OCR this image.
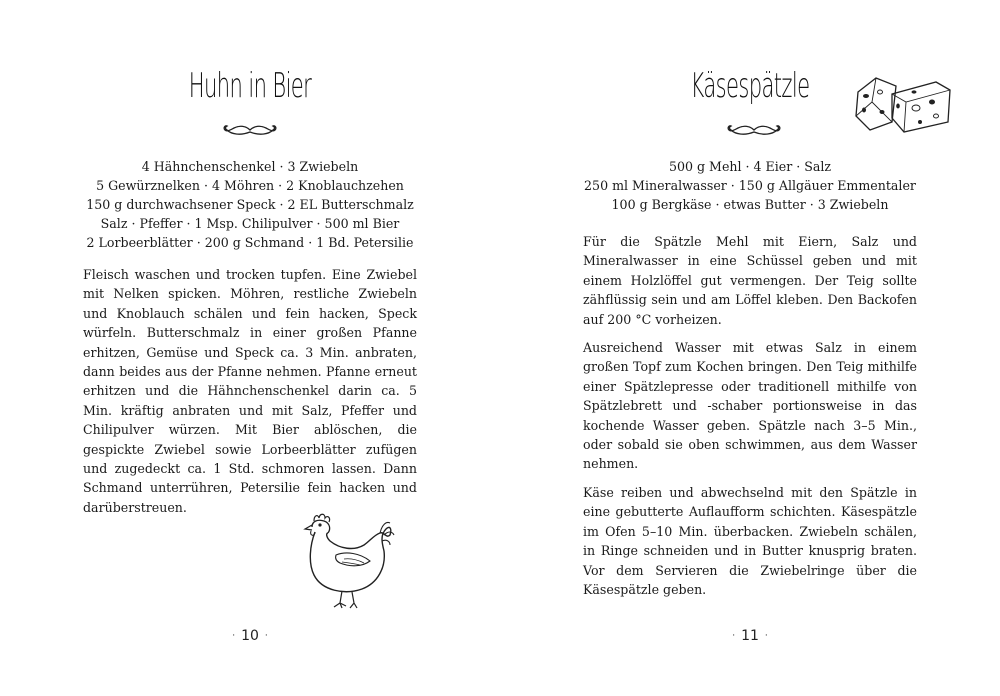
Huhn in Bier
4 Hähnchenschenkel · 3 Zwiebeln
5 Gewürznelken · 4 Möhren · 2 Knoblauchzehen
150 g durchwachsener Speck · 2 EL Butterschmalz
Salz · Pfeffer · 1 Msp. Chilipulver · 500 ml Bier
2 Lorbeerblätter · 200 g Schmand · 1 Bd. Petersilie

Fleisch waschen und trocken tupfen. Eine Zwiebel mit Nelken spicken. Möhren, restliche Zwiebeln und Knoblauch schälen und fein hacken, Speck würfeln. Butterschmalz in einer großen Pfanne erhitzen, Gemüse und Speck ca. 3 Min. anbraten, dann beides aus der Pfanne nehmen. Pfanne erneut erhitzen und die Hähnchenschenkel darin ca. 5 Min. kräftig anbraten und mit Salz, Pfeffer und Chilipulver würzen. Mit Bier ablöschen, die gespickte Zwiebel sowie Lorbeerblätter zufügen und zugedeckt ca. 1 Std. schmoren lassen. Dann Schmand unterrühren, Petersilie fein hacken und darüberstreuen.

· 10 ·
Käsespätzle
500 g Mehl · 4 Eier · Salz
250 ml Mineralwasser · 150 g Allgäuer Emmentaler
100 g Bergkäse · etwas Butter · 3 Zwiebeln

Für die Spätzle Mehl mit Eiern, Salz und Mineralwasser in eine Schüssel geben und mit einem Holzlöffel gut vermengen. Der Teig sollte zähflüssig sein und am Löffel kleben. Den Backofen auf 200 °C vorheizen.

Ausreichend Wasser mit etwas Salz in einem großen Topf zum Kochen bringen. Den Teig mithilfe einer Spätzlepresse oder traditionell mithilfe von Spätzlebrett und -schaber portionsweise in das kochende Wasser geben. Spätzle nach 3–5 Min., oder sobald sie oben schwimmen, aus dem Wasser nehmen.

Käse reiben und abwechselnd mit den Spätzle in eine gebutterte Auflaufform schichten. Käsespätzle im Ofen 5–10 Min. überbacken. Zwiebeln schälen, in Ringe schneiden und in Butter knusprig braten. Vor dem Servieren die Zwiebelringe über die Käsespätzle geben.

· 11 ·
